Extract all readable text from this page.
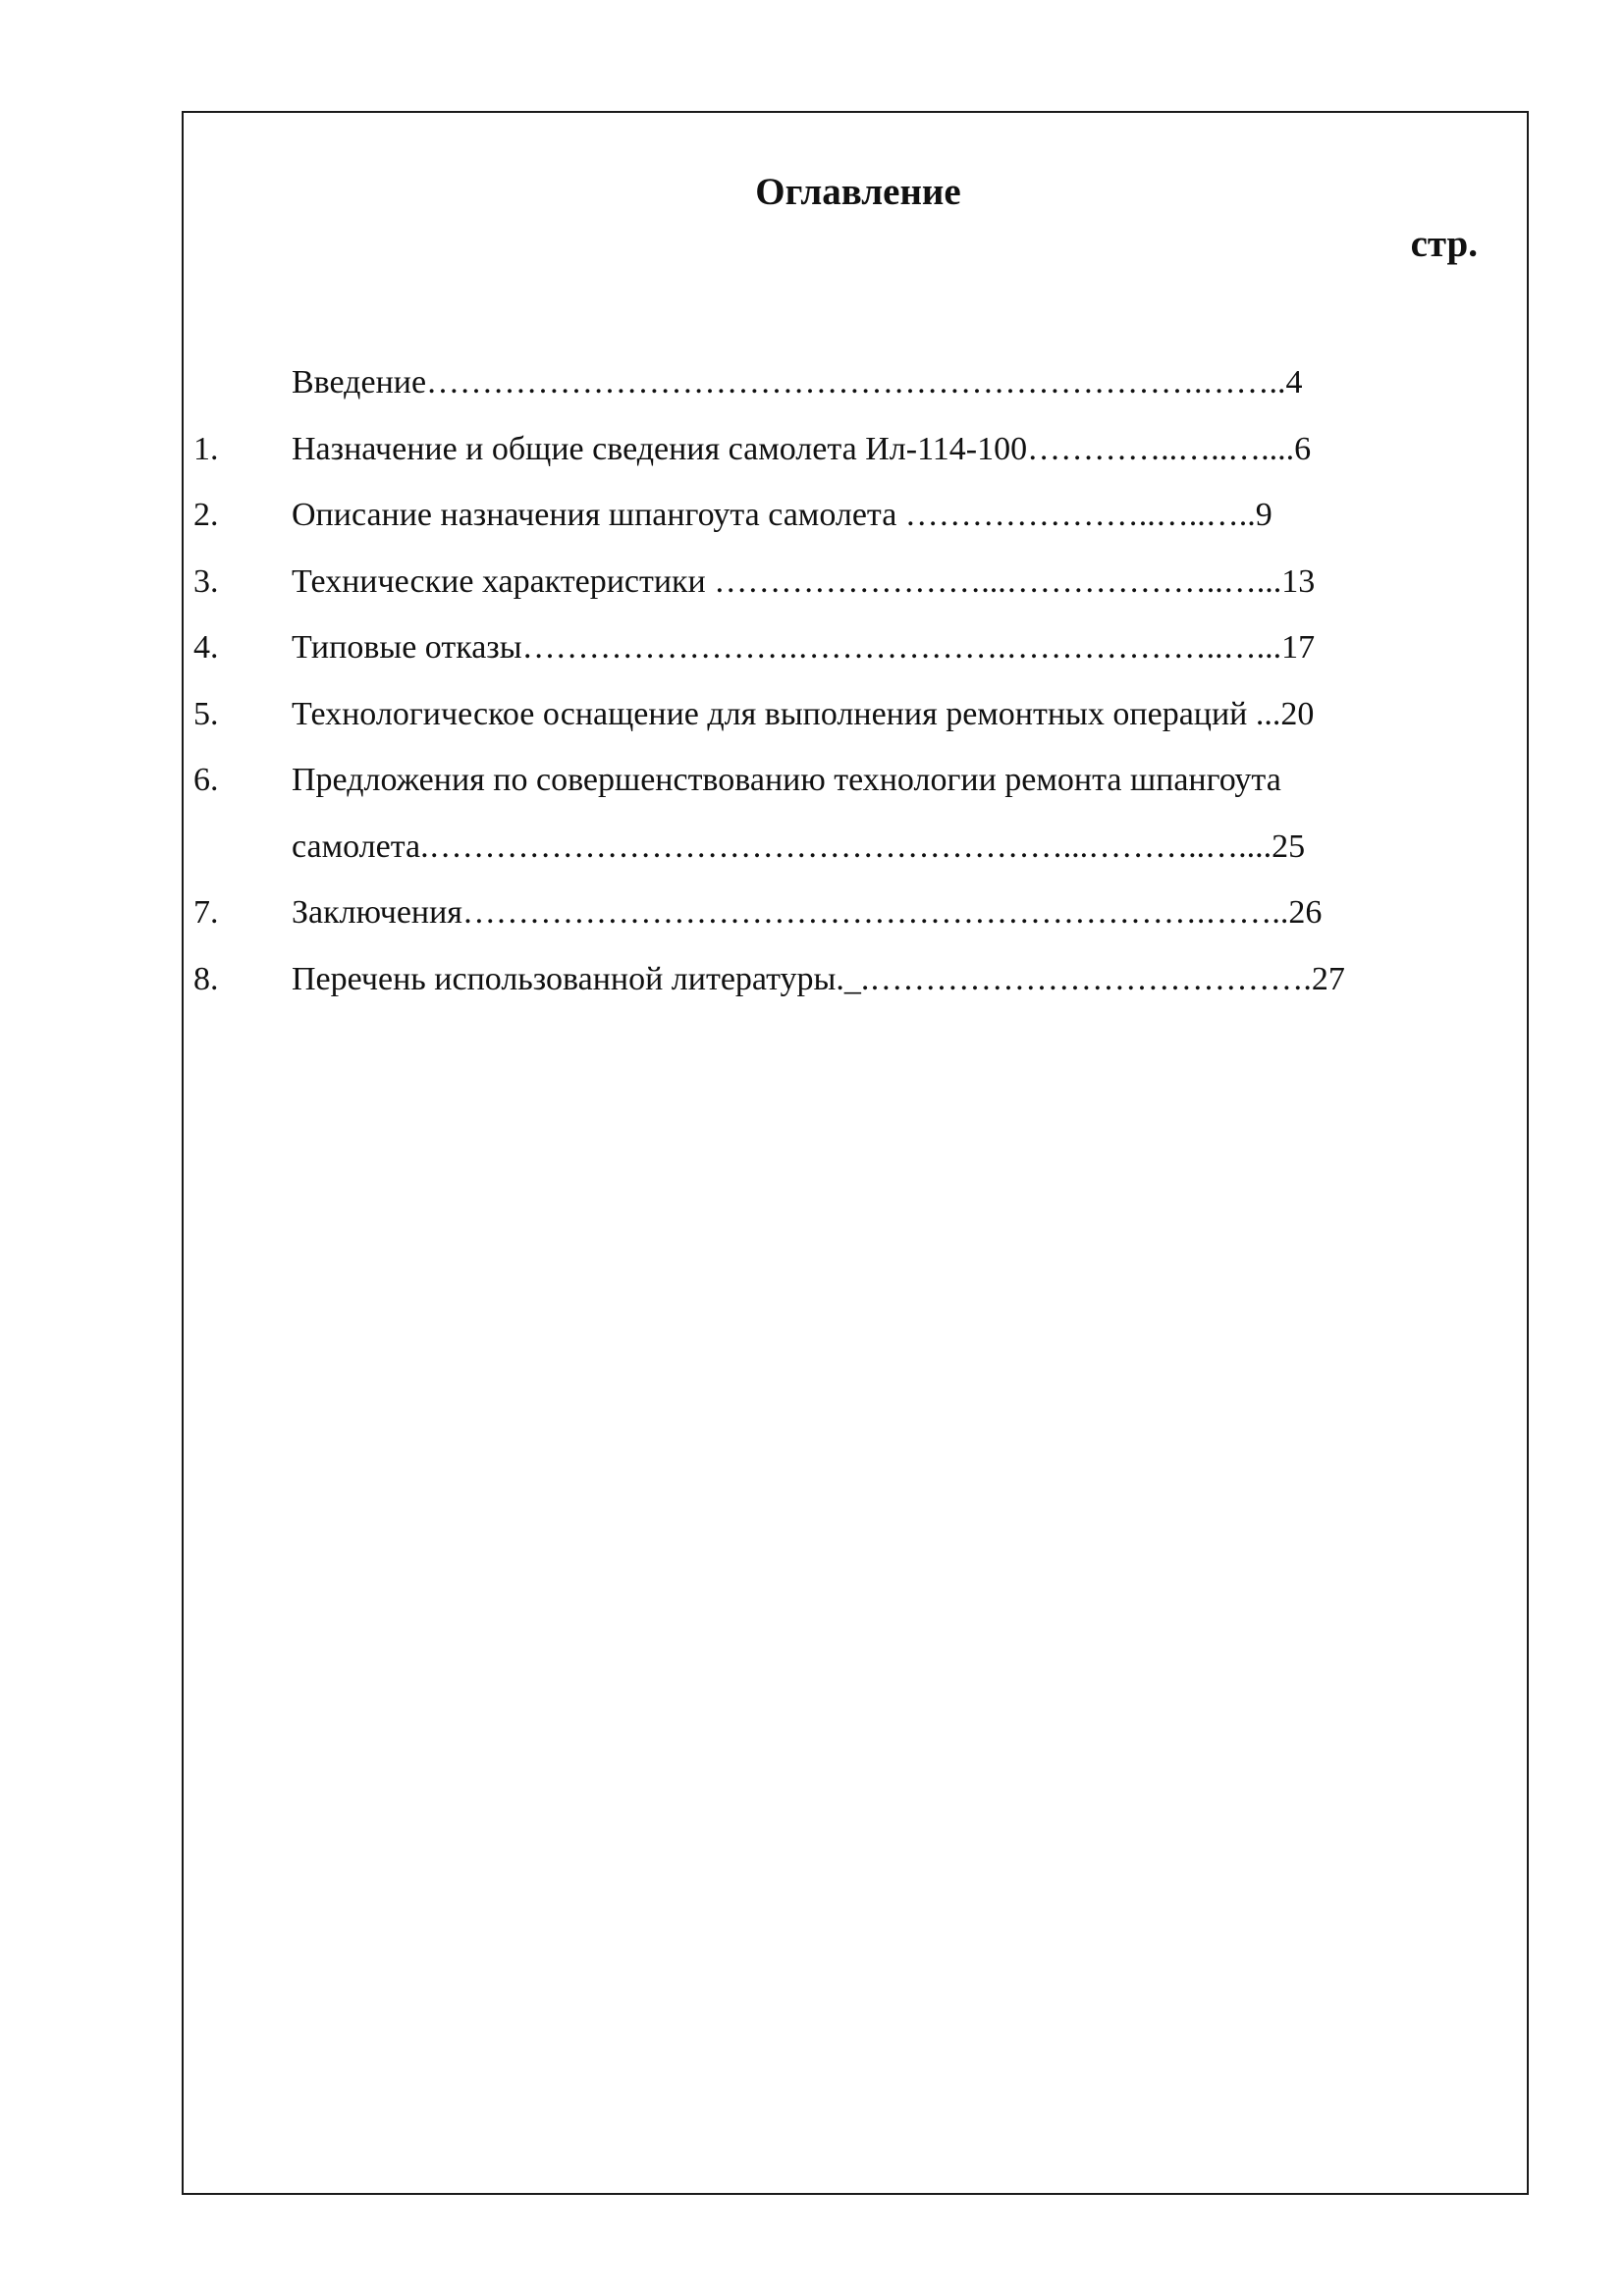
Оглавление
стр.
Введение…………………………………………………………….……..4
1. Назначение и общие сведения самолета Ил-114-100…………..…..…....6
2. Описание назначения шпангоута самолета …………………..…..…..9
3. Технические характеристики ……………………...………………..…...13
4. Типовые отказы…………………….……………….………………..…...17
5. Технологическое оснащение для выполнения ремонтных операций ...20
6. Предложения по совершенствованию технологии ремонта шпангоута
самолета.…………………………………………………...………..…....25
7. Заключения………………………………………………………….……..26
8. Перечень использованной литературы._.………………………………….27
